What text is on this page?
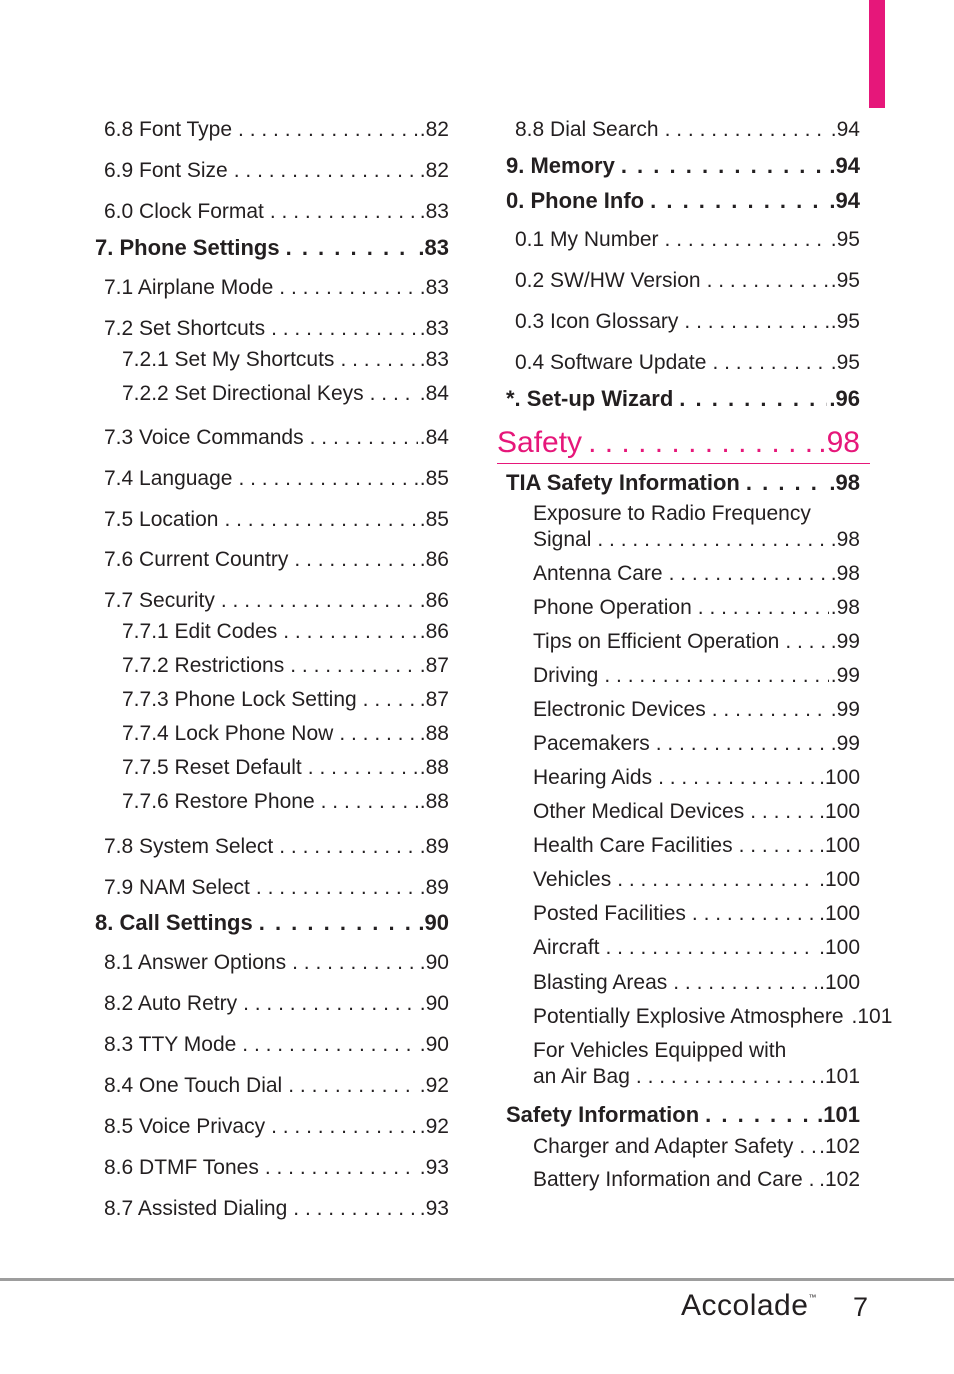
6.8 Font Type . . .	.82
6.9 Font Size . . .	.82
6.0 Clock Format . . .	.83
7. Phone Settings . . .	.83
7.1 Airplane Mode . . .	.83
7.2 Set Shortcuts . . .	.83
7.2.1 Set My Shortcuts . . .	.83
7.2.2 Set Directional Keys . . .	.84
7.3 Voice Commands . . .	.84
7.4 Language . . .	.85
7.5 Location . . .	.85
7.6 Current Country . . .	.86
7.7 Security . . .	.86
7.7.1 Edit Codes . . .	.86
7.7.2 Restrictions . . .	.87
7.7.3 Phone Lock Setting . . .	.87
7.7.4 Lock Phone Now . . .	.88
7.7.5 Reset Default . . .	.88
7.7.6 Restore Phone . . .	.88
7.8 System Select . . .	.89
7.9 NAM Select . . .	.89
8. Call Settings . . .	.90
8.1 Answer Options . . .	.90
8.2 Auto Retry . . .	.90
8.3 TTY Mode . . .	.90
8.4 One Touch Dial . . .	.92
8.5 Voice Privacy . . .	.92
8.6 DTMF Tones . . .	.93
8.7 Assisted Dialing . . .	.93
8.8 Dial Search . . .	.94
9. Memory . . .	.94
0. Phone Info . . .	.94
0.1 My Number . . .	.95
0.2 SW/HW Version . . .	.95
0.3 Icon Glossary . . .	.95
0.4 Software Update . . .	.95
*. Set-up Wizard . . .	.96
Safety . . .	.98
TIA Safety Information . . .	.98
Exposure to Radio Frequency
Signal . . .	.98
Antenna Care . . .	.98
Phone Operation . . .	.98
Tips on Efficient Operation . . . .99
Driving . . .	.99
Electronic Devices . . .	.99
Pacemakers . . .	.99
Hearing Aids . . .	.100
Other Medical Devices . . .	.100
Health Care Facilities . . .	.100
Vehicles . . .	.100
Posted Facilities . . .	.100
Aircraft . . .	.100
Blasting Areas . . .	.100
Potentially Explosive Atmosphere .101
For Vehicles Equipped with
an Air Bag . . .	.101
Safety Information . . .	.101
Charger and Adapter Safety . . . .102
Battery Information and Care . . . .102
Accolade™ 7
